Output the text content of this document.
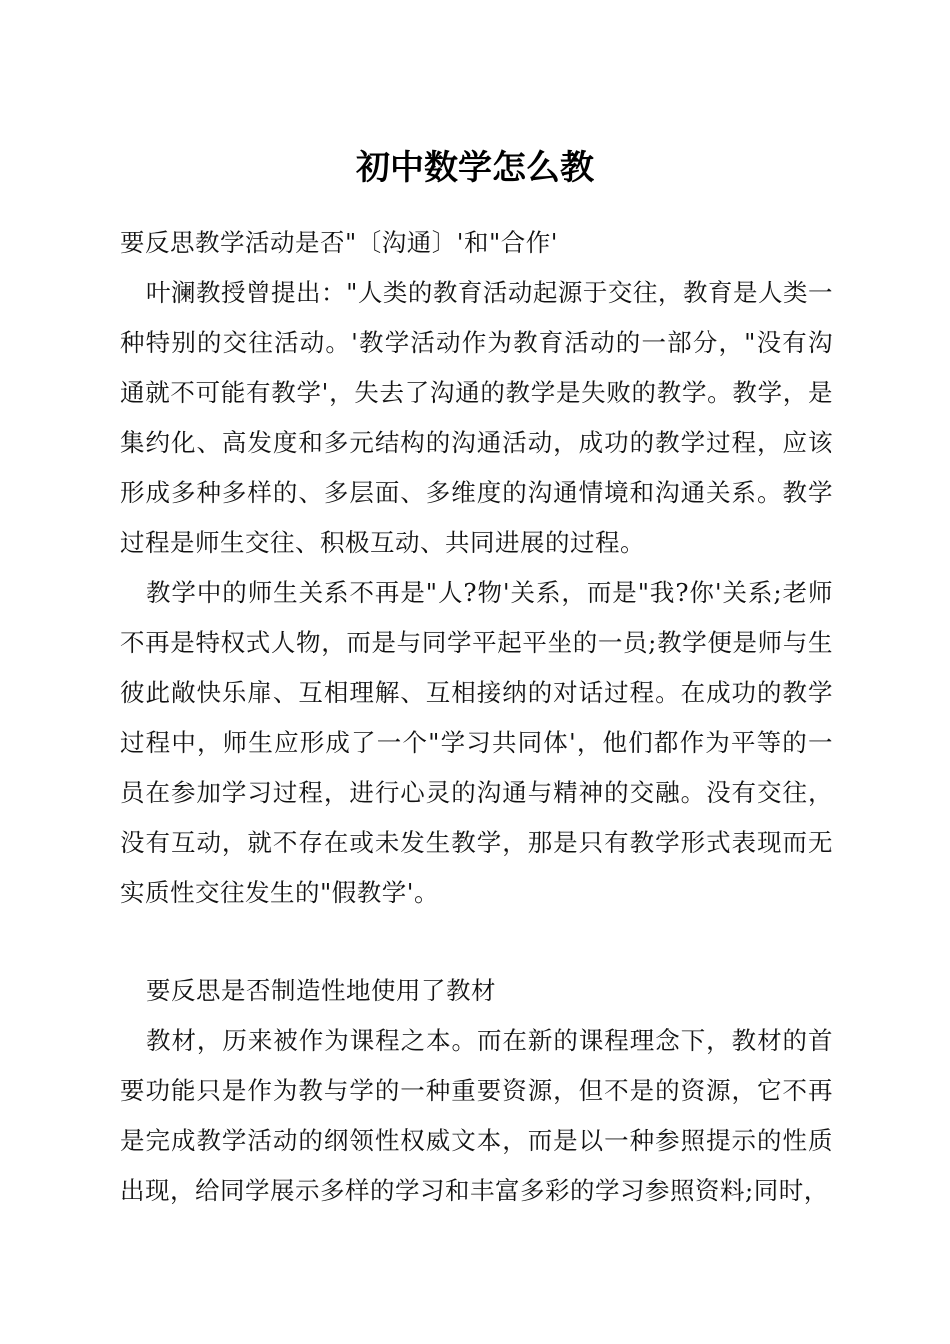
初中数学怎么教

要反思教学活动是否"〔沟通〕'和"合作'

叶澜教授曾提出："人类的教育活动起源于交往，教育是人类一种特别的交往活动。'教学活动作为教育活动的一部分，"没有沟通就不可能有教学'，失去了沟通的教学是失败的教学。教学，是集约化、高发度和多元结构的沟通活动，成功的教学过程，应该形成多种多样的、多层面、多维度的沟通情境和沟通关系。教学过程是师生交往、积极互动、共同进展的过程。

教学中的师生关系不再是"人?物'关系，而是"我?你'关系;老师不再是特权式人物，而是与同学平起平坐的一员;教学便是师与生彼此敞快乐扉、互相理解、互相接纳的对话过程。在成功的教学过程中，师生应形成了一个"学习共同体'，他们都作为平等的一员在参加学习过程，进行心灵的沟通与精神的交融。没有交往，没有互动，就不存在或未发生教学，那是只有教学形式表现而无实质性交往发生的"假教学'。

要反思是否制造性地使用了教材

教材，历来被作为课程之本。而在新的课程理念下，教材的首要功能只是作为教与学的一种重要资源，但不是的资源，它不再是完成教学活动的纲领性权威文本，而是以一种参照提示的性质出现，给同学展示多样的学习和丰富多彩的学习参照资料;同时，
